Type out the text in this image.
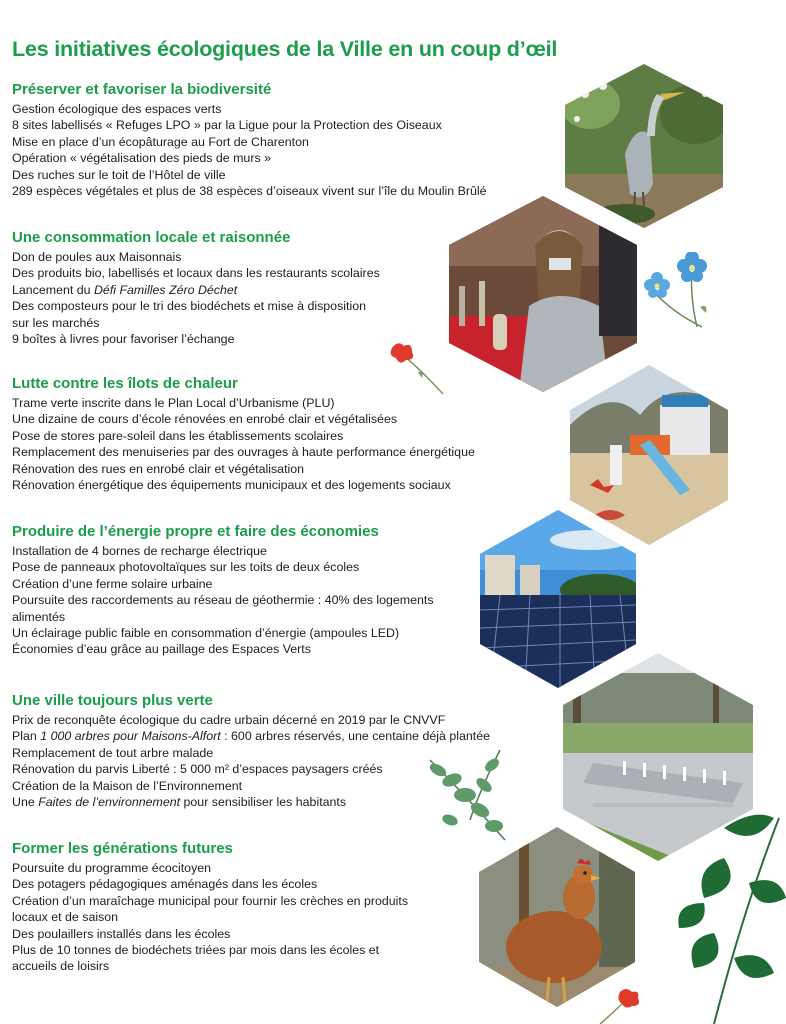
Les initiatives écologiques de la Ville en un coup d’œil
Préserver et favoriser la biodiversité
Gestion écologique des espaces verts
8 sites labellisés « Refuges LPO » par la Ligue pour la Protection des Oiseaux
Mise en place d’un écopâturage au Fort de Charenton
Opération « végétalisation des pieds de murs »
Des ruches sur le toit de l’Hôtel de ville
289 espèces végétales et plus de 38 espèces d’oiseaux vivent sur l’île du Moulin Brûlé
Une consommation locale et raisonnée
Don de poules aux Maisonnais
Des produits bio, labellisés et locaux dans les restaurants scolaires
Lancement du Défi Familles Zéro Déchet
Des composteurs pour le tri des biodéchets et mise à disposition
sur les marchés
9 boîtes à livres pour favoriser l’échange
Lutte contre les îlots de chaleur
Trame verte inscrite dans le Plan Local d’Urbanisme (PLU)
Une dizaine de cours d’école rénovées en enrobé clair et végétalisées
Pose de stores pare-soleil dans les établissements scolaires
Remplacement des menuiseries par des ouvrages à haute performance énergétique
Rénovation des rues en enrobé clair et végétalisation
Rénovation énergétique des équipements municipaux et des logements sociaux
Produire de l’énergie propre et faire des économies
Installation de 4 bornes de recharge électrique
Pose de panneaux photovoltaïques sur les toits de deux écoles
Création d’une ferme solaire urbaine
Poursuite des raccordements au réseau de géothermie : 40% des logements
alimentés
Un éclairage public faible en consommation d’énergie (ampoules LED)
Économies d’eau grâce au paillage des Espaces Verts
Une ville toujours plus verte
Prix de reconquête écologique du cadre urbain décerné en 2019 par le CNVVF
Plan 1 000 arbres pour Maisons-Alfort : 600 arbres réservés, une centaine déjà plantée
Remplacement de tout arbre malade
Rénovation du parvis Liberté : 5 000 m² d’espaces paysagers créés
Création de la Maison de l’Environnement
Une Faites de l’environnement pour sensibiliser les habitants
Former les générations futures
Poursuite du programme écocitoyen
Des potagers pédagogiques aménagés dans les écoles
Création d’un maraîchage municipal pour fournir les crèches en produits
locaux et de saison
Des poulaillers installés dans les écoles
Plus de 10 tonnes de biodéchets triées par mois dans les écoles et
accueils de loisirs
